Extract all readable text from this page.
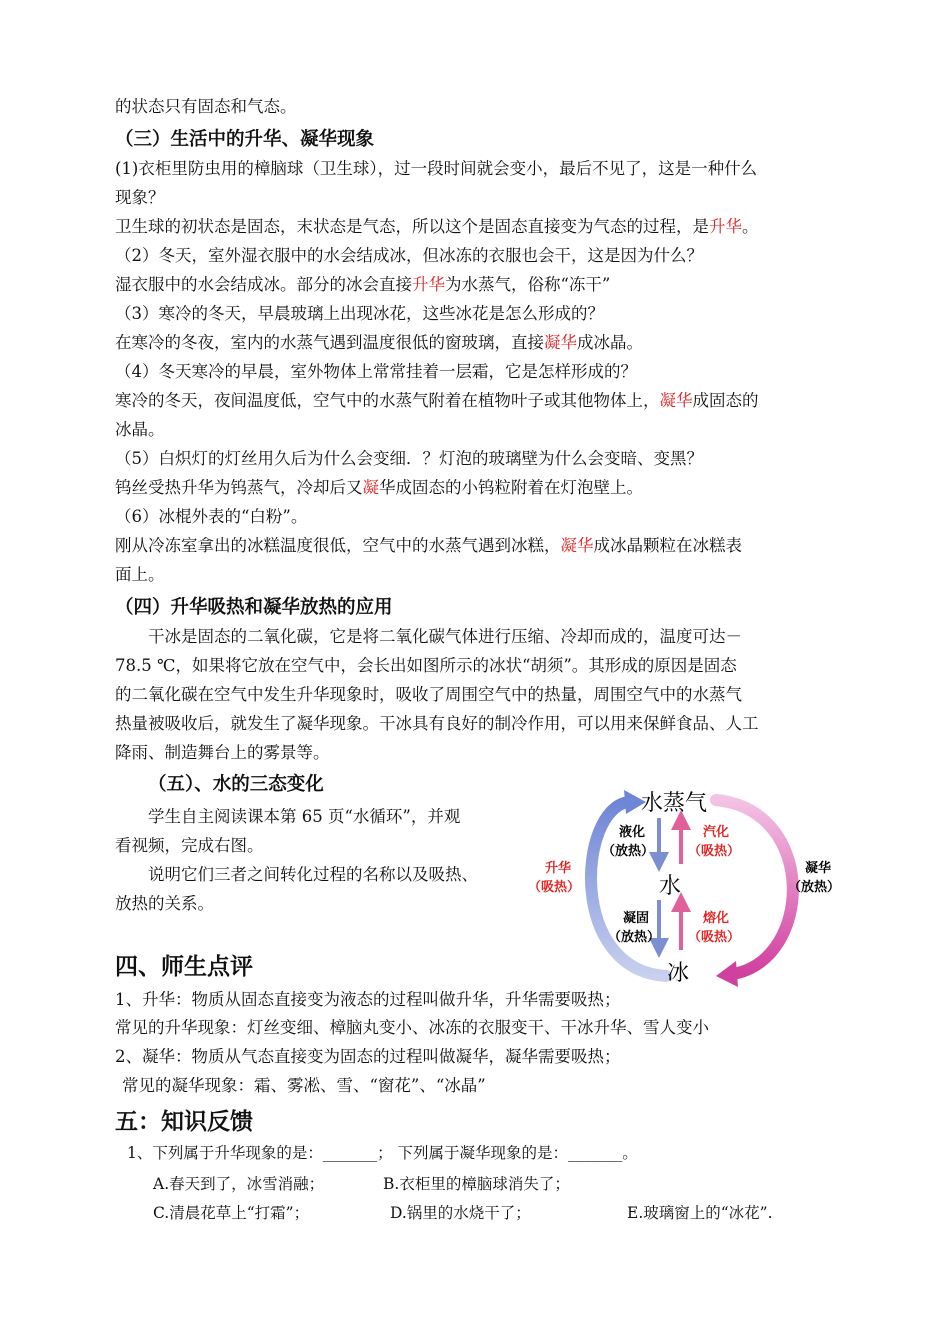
的状态只有固态和气态。
（三）生活中的升华、凝华现象
(1)衣柜里防虫用的樟脑球（卫生球），过一段时间就会变小，最后不见了，这是一种什么
现象？
卫生球的初状态是固态，末状态是气态，所以这个是固态直接变为气态的过程，是升华。
（2）冬天，室外湿衣服中的水会结成冰，但冰冻的衣服也会干，这是因为什么？
湿衣服中的水会结成冰。部分的冰会直接升华为水蒸气，俗称“冻干”
（3）寒冷的冬天，早晨玻璃上出现冰花，这些冰花是怎么形成的？
在寒冷的冬夜，室内的水蒸气遇到温度很低的窗玻璃，直接凝华成冰晶。
（4）冬天寒冷的早晨，室外物体上常常挂着一层霜，它是怎样形成的？
寒冷的冬天，夜间温度低，空气中的水蒸气附着在植物叶子或其他物体上，凝华成固态的
冰晶。
（5）白炽灯的灯丝用久后为什么会变细．？灯泡的玻璃壁为什么会变暗、变黑？
钨丝受热升华为钨蒸气，冷却后又凝华成固态的小钨粒附着在灯泡壁上。
（6）冰棍外表的“白粉”。
刚从冷冻室拿出的冰糕温度很低，空气中的水蒸气遇到冰糕，凝华成冰晶颗粒在冰糕表
面上。
（四）升华吸热和凝华放热的应用
干冰是固态的二氧化碳，它是将二氧化碳气体进行压缩、冷却而成的，温度可达－
78.5 ℃，如果将它放在空气中，会长出如图所示的冰状“胡须”。其形成的原因是固态
的二氧化碳在空气中发生升华现象时，吸收了周围空气中的热量，周围空气中的水蒸气
热量被吸收后，就发生了凝华现象。干冰具有良好的制冷作用，可以用来保鲜食品、人工
降雨、制造舞台上的雾景等。
（五）、水的三态变化
学生自主阅读课本第 65 页“水循环”，并观
看视频，完成右图。
说明它们三者之间转化过程的名称以及吸热、
放热的关系。
水蒸气
水
冰
液化
（放热）
汽化
（吸热）
凝固
（放热）
熔化
（吸热）
升华
（吸热）
凝华
（放热）
四、师生点评
1、升华：物质从固态直接变为液态的过程叫做升华，升华需要吸热；
常见的升华现象：灯丝变细、樟脑丸变小、冰冻的衣服变干、干冰升华、雪人变小
2、凝华：物质从气态直接变为固态的过程叫做凝华，凝华需要吸热；
常见的凝华现象：霜、雾凇、雪、“窗花”、“冰晶”
五：知识反馈
1、下列属于升华现象的是：_______； 下列属于凝华现象的是：_______。
A.春天到了，冰雪消融；	B.衣柜里的樟脑球消失了；
C.清晨花草上“打霜”；	D.锅里的水烧干了；	E.玻璃窗上的“冰花”.
